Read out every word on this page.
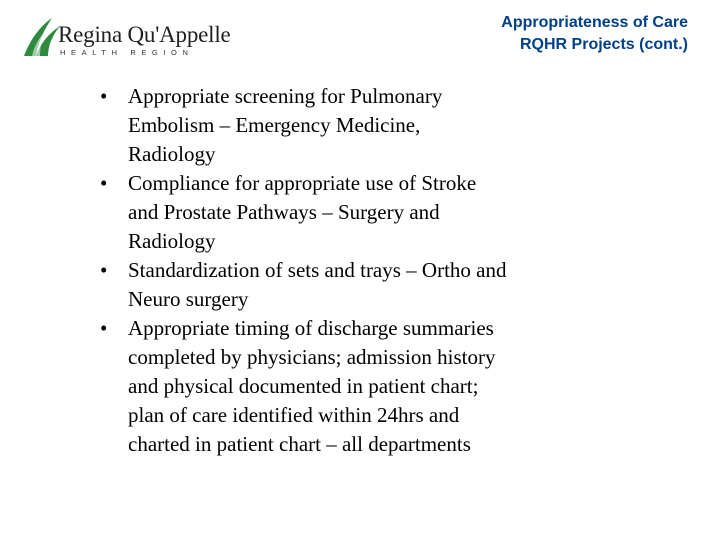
Regina Qu'Appelle
HEALTH REGION
Appropriateness of Care
RQHR Projects (cont.)
• Appropriate screening for Pulmonary
Embolism – Emergency Medicine,
Radiology
• Compliance for appropriate use of Stroke
and Prostate Pathways – Surgery and
Radiology
• Standardization of sets and trays – Ortho and
Neuro surgery
• Appropriate timing of discharge summaries
completed by physicians; admission history
and physical documented in patient chart;
plan of care identified within 24hrs and
charted in patient chart – all departments
